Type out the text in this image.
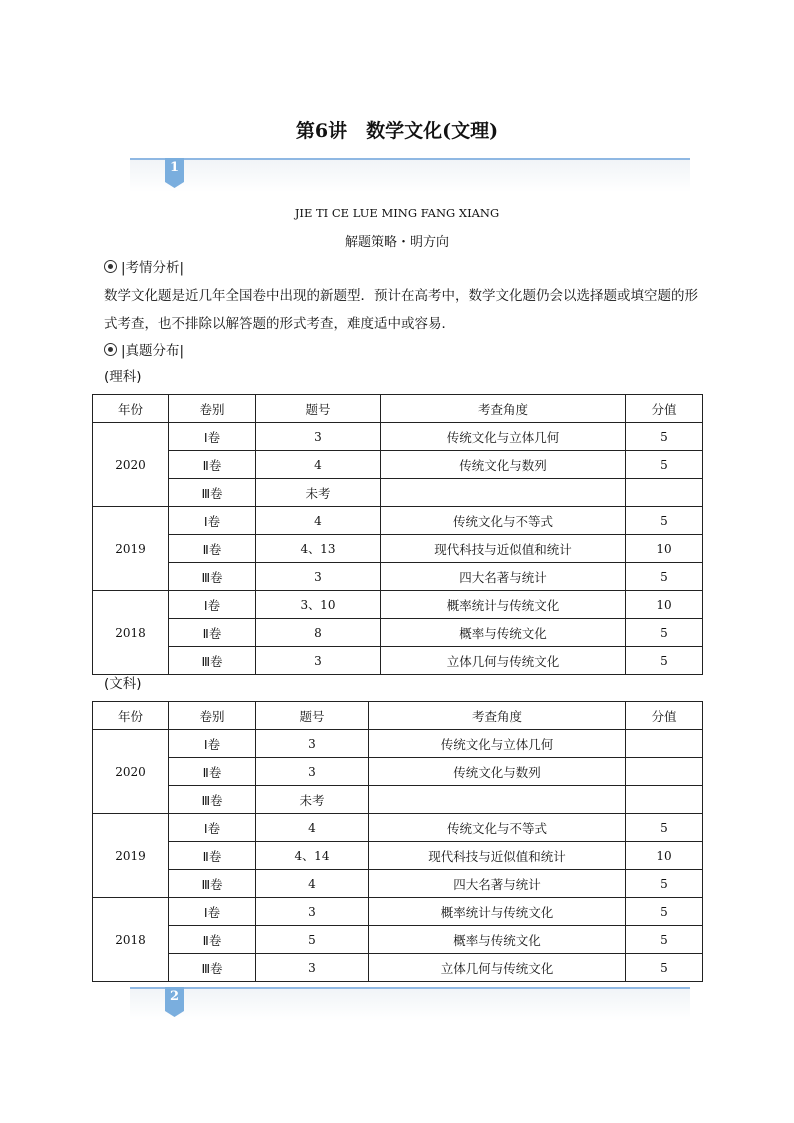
第6讲　数学文化(文理)
1
JIE TI CE LUE MING FANG XIANG
解题策略・明方向
|考情分析|
数学文化题是近几年全国卷中出现的新题型．预计在高考中，数学文化题仍会以选择题或填空题的形
式考查，也不排除以解答题的形式考查，难度适中或容易．
|真题分布|
(理科)
年份	卷别	题号	考查角度	分值
2020	Ⅰ卷	3	传统文化与立体几何	5
	Ⅱ卷	4	传统文化与数列	5
	Ⅲ卷	未考		
2019	Ⅰ卷	4	传统文化与不等式	5
	Ⅱ卷	4、13	现代科技与近似值和统计	10
	Ⅲ卷	3	四大名著与统计	5
2018	Ⅰ卷	3、10	概率统计与传统文化	10
	Ⅱ卷	8	概率与传统文化	5
	Ⅲ卷	3	立体几何与传统文化	5
(文科)
年份	卷别	题号	考查角度	分值
2020	Ⅰ卷	3	传统文化与立体几何	
	Ⅱ卷	3	传统文化与数列	
	Ⅲ卷	未考		
2019	Ⅰ卷	4	传统文化与不等式	5
	Ⅱ卷	4、14	现代科技与近似值和统计	10
	Ⅲ卷	4	四大名著与统计	5
2018	Ⅰ卷	3	概率统计与传统文化	5
	Ⅱ卷	5	概率与传统文化	5
	Ⅲ卷	3	立体几何与传统文化	5
2
